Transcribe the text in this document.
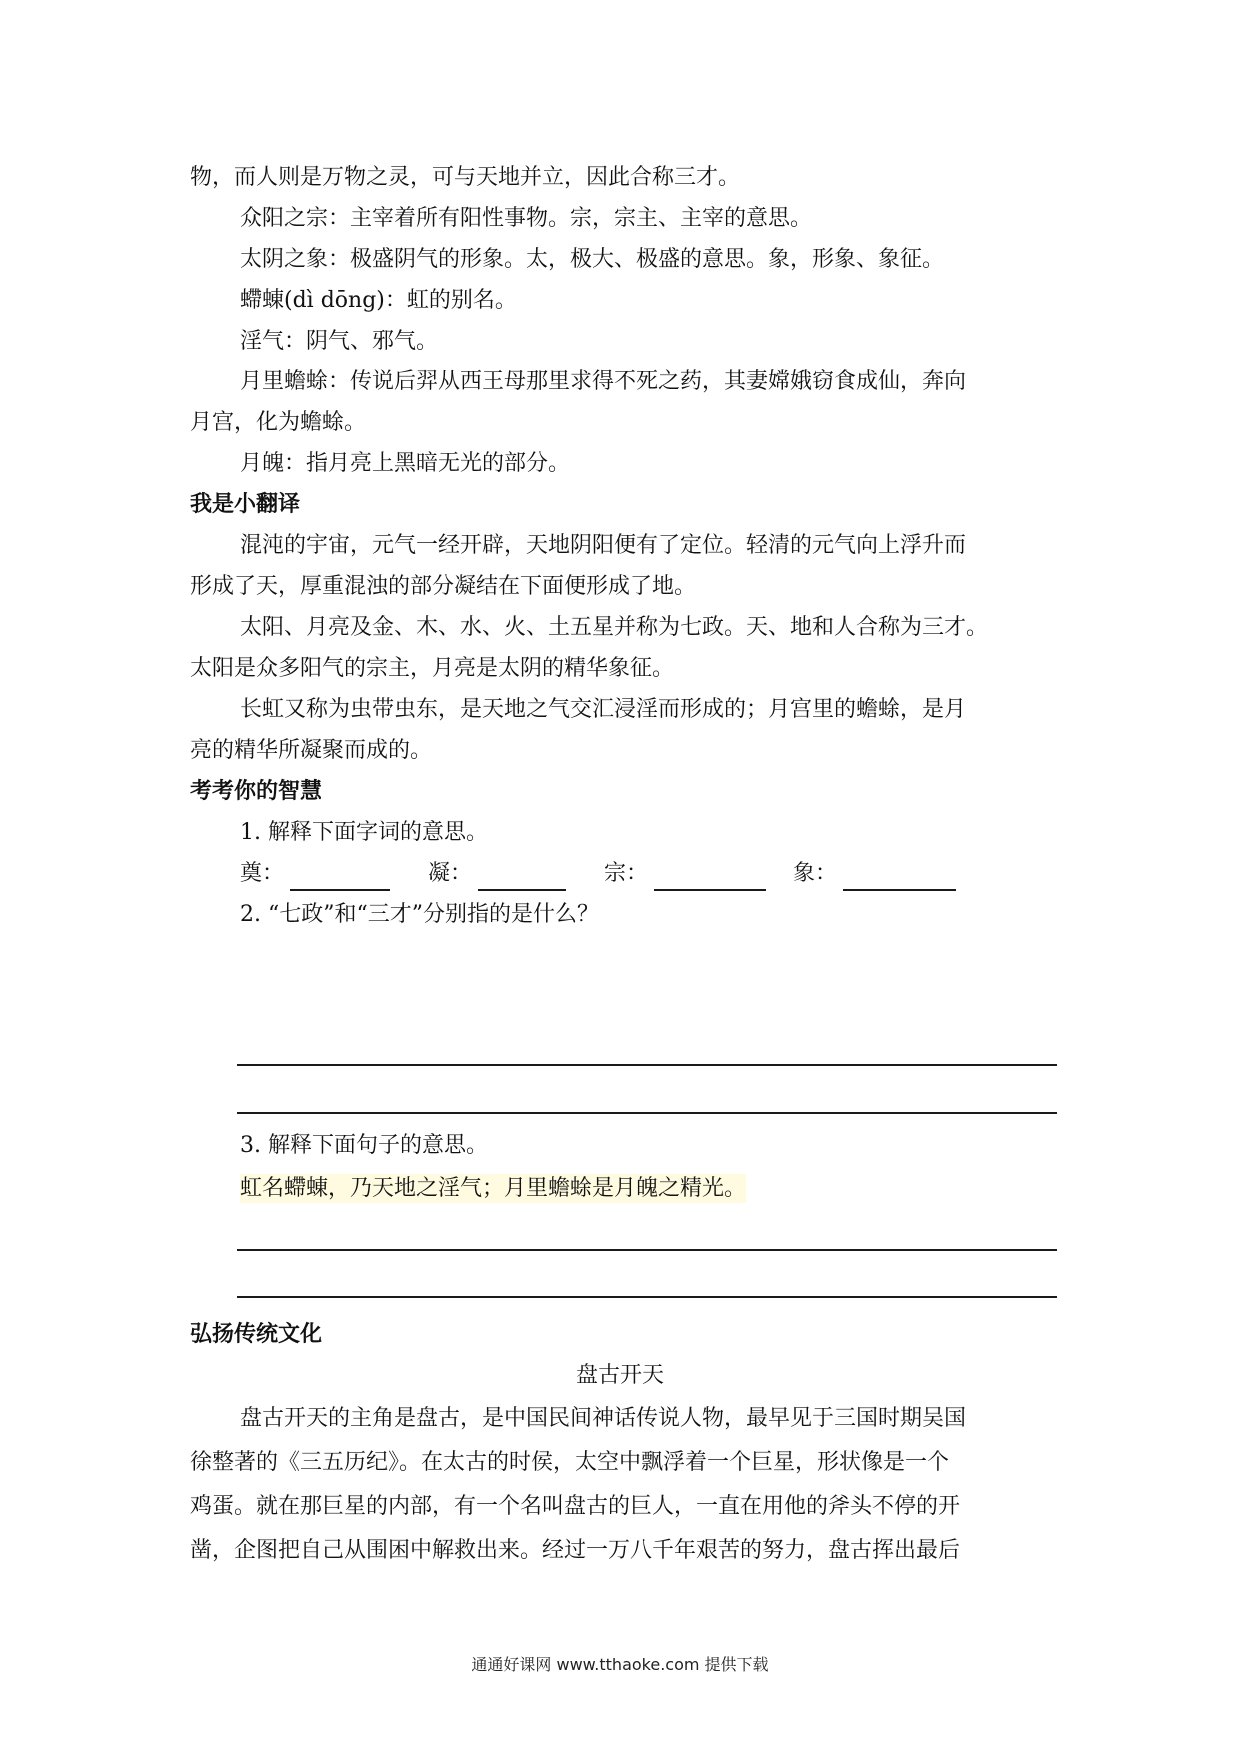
物，而人则是万物之灵，可与天地并立，因此合称三才。
众阳之宗：主宰着所有阳性事物。宗，宗主、主宰的意思。
太阴之象：极盛阴气的形象。太，极大、极盛的意思。象，形象、象征。
螮蝀(dì dōng)：虹的别名。
淫气：阴气、邪气。
月里蟾蜍：传说后羿从西王母那里求得不死之药，其妻嫦娥窃食成仙，奔向
月宫，化为蟾蜍。
月魄：指月亮上黑暗无光的部分。
我是小翻译
混沌的宇宙，元气一经开辟，天地阴阳便有了定位。轻清的元气向上浮升而
形成了天，厚重混浊的部分凝结在下面便形成了地。
太阳、月亮及金、木、水、火、土五星并称为七政。天、地和人合称为三才。
太阳是众多阳气的宗主，月亮是太阴的精华象征。
长虹又称为虫带虫东，是天地之气交汇浸淫而形成的；月宫里的蟾蜍，是月
亮的精华所凝聚而成的。
考考你的智慧
1. 解释下面字词的意思。
奠：	凝：	宗：	象：
2. “七政”和“三才”分别指的是什么？
3. 解释下面句子的意思。
虹名螮蝀，乃天地之淫气；月里蟾蜍是月魄之精光。
弘扬传统文化
盘古开天
盘古开天的主角是盘古，是中国民间神话传说人物，最早见于三国时期吴国
徐整著的《三五历纪》。在太古的时侯，太空中飘浮着一个巨星，形状像是一个
鸡蛋。就在那巨星的内部，有一个名叫盘古的巨人，一直在用他的斧头不停的开
凿，企图把自己从围困中解救出来。经过一万八千年艰苦的努力，盘古挥出最后
通通好课网 www.tthaoke.com 提供下载
